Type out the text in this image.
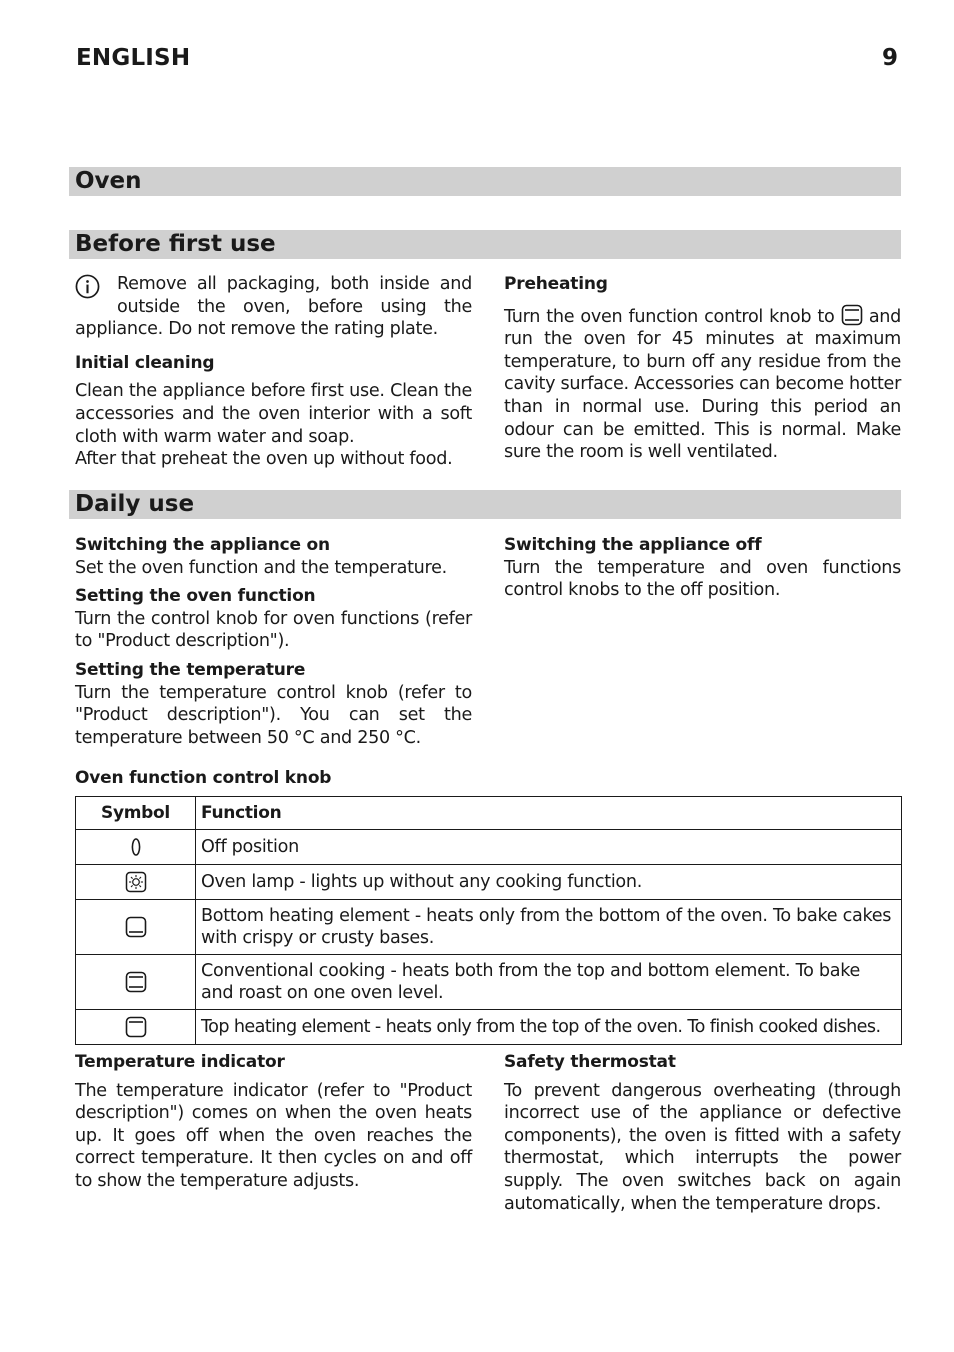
ENGLISH	9
Oven
Before first use

Remove all packaging, both inside and outside the oven, before using the appliance. Do not remove the rating plate.

Initial cleaning

Clean the appliance before first use. Clean the accessories and the oven interior with a soft cloth with warm water and soap.

After that preheat the oven up without food.

Preheating

Turn the oven function control knob to and run the oven for 45 minutes at maximum temperature, to burn off any residue from the cavity surface. Accessories can become hotter than in normal use. During this period an odour can be emitted. This is normal. Make sure the room is well ventilated.

Daily use

Switching the appliance on

Set the oven function and the temperature.

Setting the oven function

Turn the control knob for oven functions (refer to "Product description").

Setting the temperature

Turn the temperature control knob (refer to "Product description"). You can set the temperature between 50 °C and 250 °C.

Switching the appliance off

Turn the temperature and oven functions control knobs to the off position.

Oven function control knob
Symbol	Function
	Off position
	Oven lamp - lights up without any cooking function.
	Bottom heating element - heats only from the bottom of the oven. To bake cakes with crispy or crusty bases.
	Conventional cooking - heats both from the top and bottom element. To bake and roast on one oven level.
	Top heating element - heats only from the top of the oven. To finish cooked dishes.

Temperature indicator

The temperature indicator (refer to "Product description") comes on when the oven heats up. It goes off when the oven reaches the correct temperature. It then cycles on and off to show the temperature adjusts.

Safety thermostat

To prevent dangerous overheating (through incorrect use of the appliance or defective components), the oven is fitted with a safety thermostat, which interrupts the power supply. The oven switches back on again automatically, when the temperature drops.
